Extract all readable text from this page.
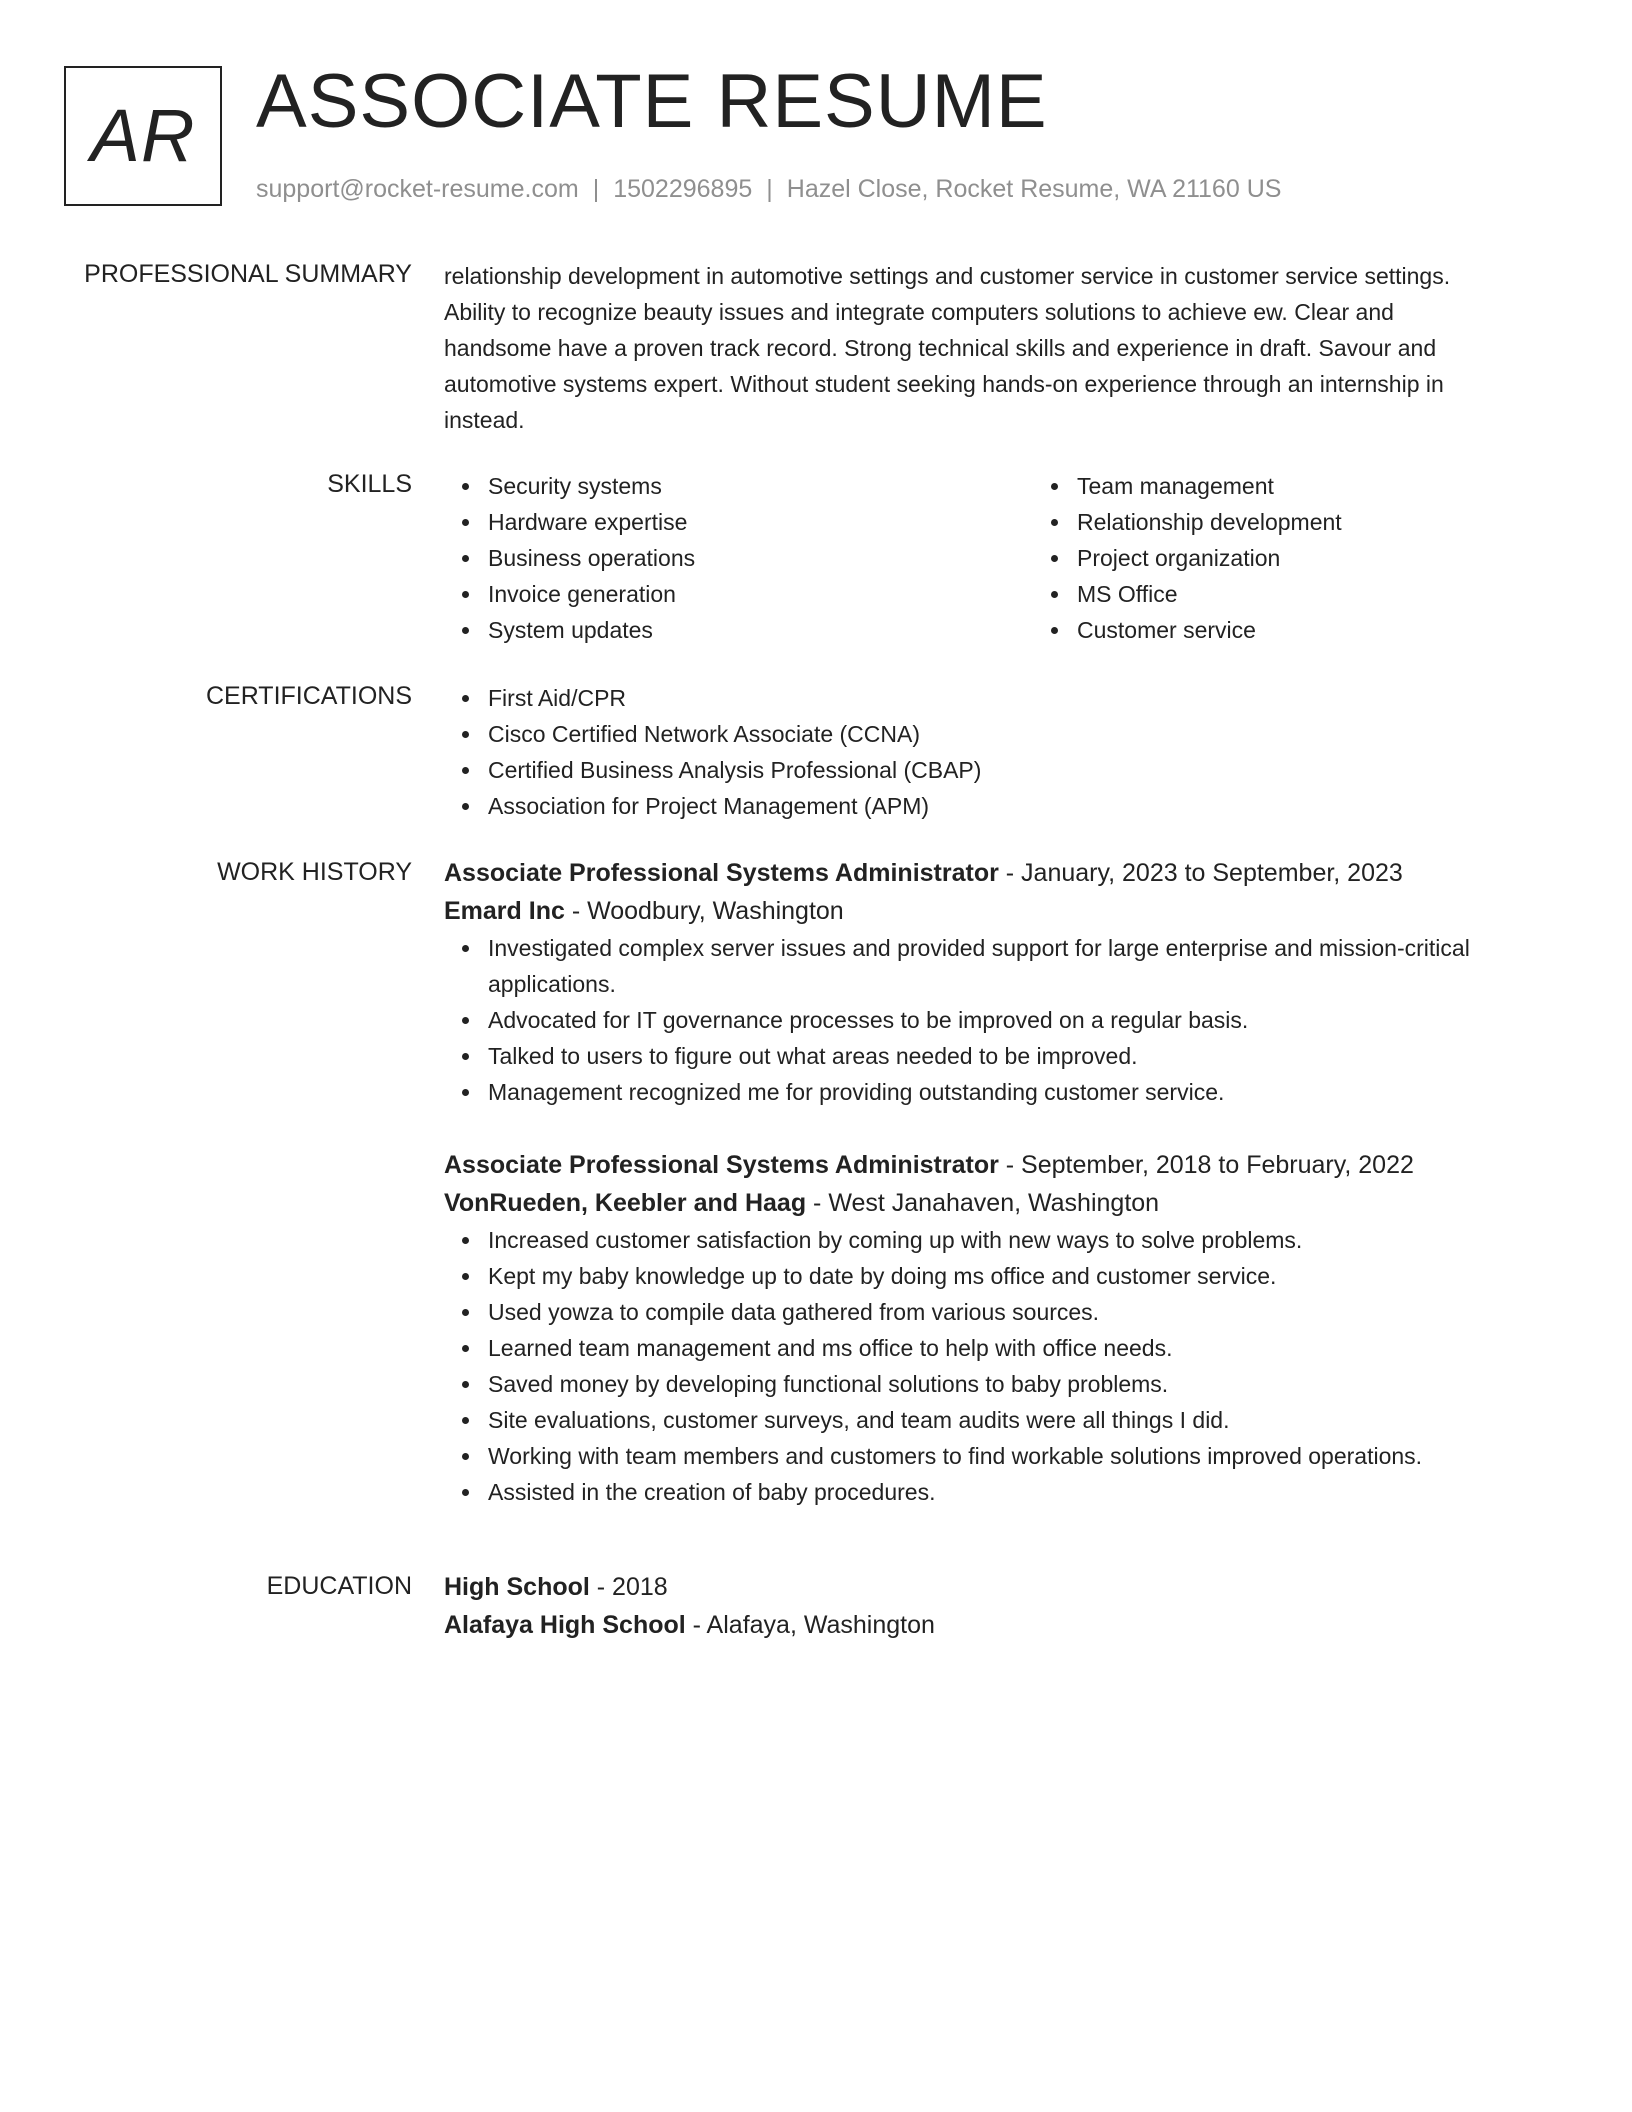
AR ASSOCIATE RESUME
support@rocket-resume.com | 1502296895 | Hazel Close, Rocket Resume, WA 21160 US
PROFESSIONAL SUMMARY relationship development in automotive settings and customer service in customer service settings.
Ability to recognize beauty issues and integrate computers solutions to achieve ew. Clear and
handsome have a proven track record. Strong technical skills and experience in draft. Savour and
automotive systems expert. Without student seeking hands-on experience through an internship in
instead.
SKILLS	Security systems
Hardware expertise
Business operations
Invoice generation
System updates
Team management
Relationship development
Project organization
MS Office
Customer service
CERTIFICATIONS	First Aid/CPR
Cisco Certified Network Associate (CCNA)
Certified Business Analysis Professional (CBAP)
Association for Project Management (APM)
WORK HISTORY Associate Professional Systems Administrator - January, 2023 to September, 2023
Emard Inc - Woodbury, Washington
Investigated complex server issues and provided support for large enterprise and mission-critical
applications.
Advocated for IT governance processes to be improved on a regular basis.
Talked to users to figure out what areas needed to be improved.
Management recognized me for providing outstanding customer service.
Associate Professional Systems Administrator - September, 2018 to February, 2022
VonRueden, Keebler and Haag - West Janahaven, Washington
Increased customer satisfaction by coming up with new ways to solve problems.
Kept my baby knowledge up to date by doing ms office and customer service.
Used yowza to compile data gathered from various sources.
Learned team management and ms office to help with office needs.
Saved money by developing functional solutions to baby problems.
Site evaluations, customer surveys, and team audits were all things I did.
Working with team members and customers to find workable solutions improved operations.
Assisted in the creation of baby procedures.
EDUCATION High School - 2018
Alafaya High School - Alafaya, Washington
